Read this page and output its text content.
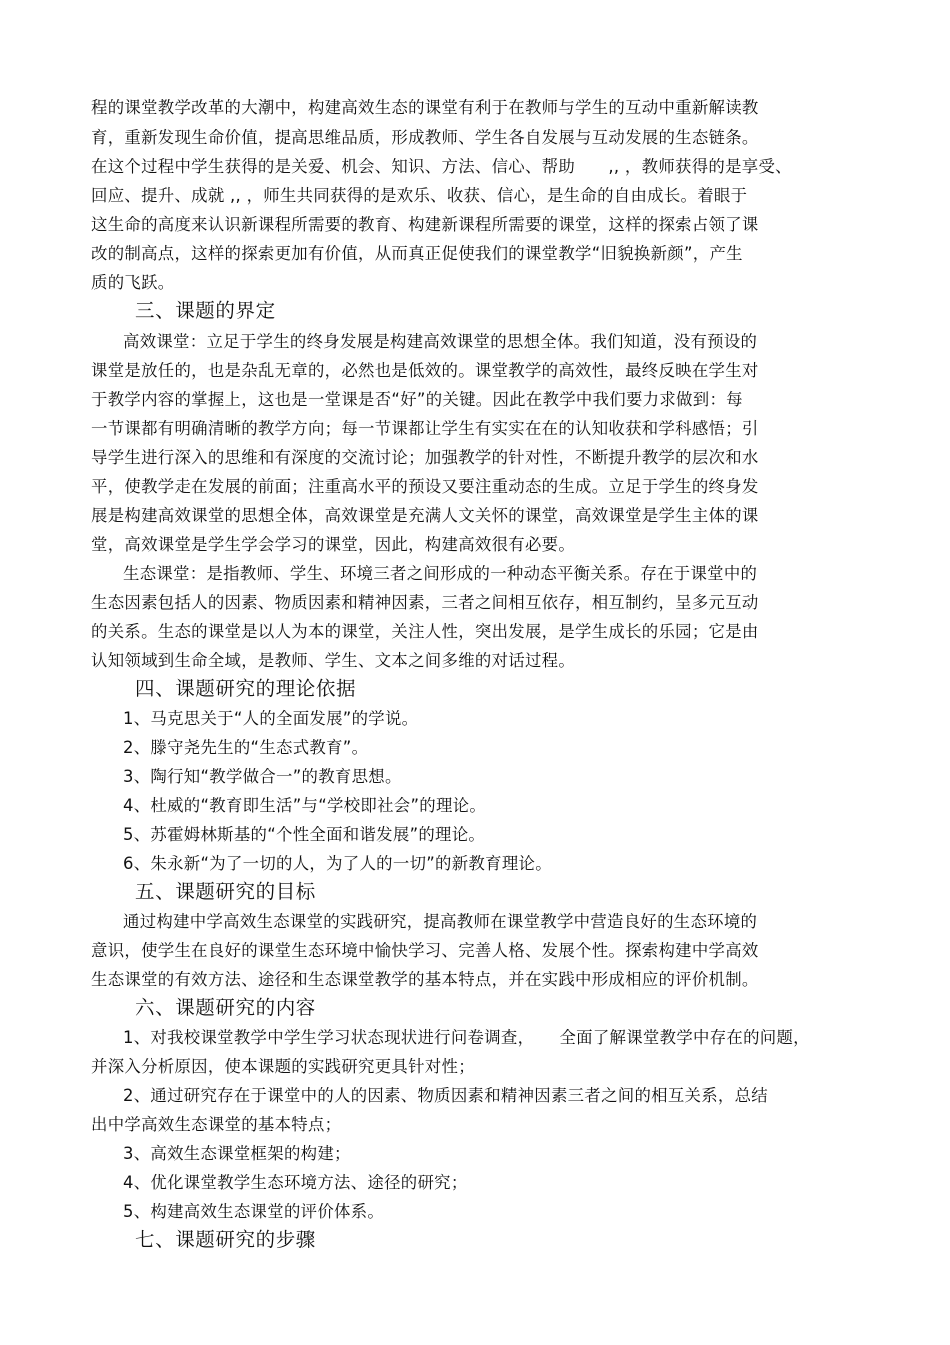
程的课堂教学改革的大潮中，构建高效生态的课堂有利于在教师与学生的互动中重新解读教
育，重新发现生命价值，提高思维品质，形成教师、学生各自发展与互动发展的生态链条。
在这个过程中学生获得的是关爱、机会、知识、方法、信心、帮助　　,, ，教师获得的是享受、
回应、提升、成就 ,, ，师生共同获得的是欢乐、收获、信心，是生命的自由成长。着眼于
这生命的高度来认识新课程所需要的教育、构建新课程所需要的课堂，这样的探索占领了课
改的制高点，这样的探索更加有价值，从而真正促使我们的课堂教学“旧貌换新颜”，产生
质的飞跃。
三、课题的界定
高效课堂：立足于学生的终身发展是构建高效课堂的思想全体。我们知道，没有预设的
课堂是放任的，也是杂乱无章的，必然也是低效的。课堂教学的高效性，最终反映在学生对
于教学内容的掌握上，这也是一堂课是否“好”的关键。因此在教学中我们要力求做到：每
一节课都有明确清晰的教学方向；每一节课都让学生有实实在在的认知收获和学科感悟；引
导学生进行深入的思维和有深度的交流讨论；加强教学的针对性，不断提升教学的层次和水
平，使教学走在发展的前面；注重高水平的预设又要注重动态的生成。立足于学生的终身发
展是构建高效课堂的思想全体，高效课堂是充满人文关怀的课堂，高效课堂是学生主体的课
堂，高效课堂是学生学会学习的课堂，因此，构建高效很有必要。
生态课堂：是指教师、学生、环境三者之间形成的一种动态平衡关系。存在于课堂中的
生态因素包括人的因素、物质因素和精神因素，三者之间相互依存，相互制约，呈多元互动
的关系。生态的课堂是以人为本的课堂，关注人性，突出发展，是学生成长的乐园；它是由
认知领域到生命全域，是教师、学生、文本之间多维的对话过程。
四、课题研究的理论依据
1、马克思关于“人的全面发展”的学说。
2、滕守尧先生的“生态式教育”。
3、陶行知“教学做合一”的教育思想。
4、杜威的“教育即生活”与“学校即社会”的理论。
5、苏霍姆林斯基的“个性全面和谐发展”的理论。
6、朱永新“为了一切的人，为了人的一切”的新教育理论。
五、课题研究的目标
通过构建中学高效生态课堂的实践研究，提高教师在课堂教学中营造良好的生态环境的
意识，使学生在良好的课堂生态环境中愉快学习、完善人格、发展个性。探索构建中学高效
生态课堂的有效方法、途径和生态课堂教学的基本特点，并在实践中形成相应的评价机制。
六、课题研究的内容
1、对我校课堂教学中学生学习状态现状进行问卷调查，　　全面了解课堂教学中存在的问题，
并深入分析原因，使本课题的实践研究更具针对性；
2、通过研究存在于课堂中的人的因素、物质因素和精神因素三者之间的相互关系，总结
出中学高效生态课堂的基本特点；
3、高效生态课堂框架的构建；
4、优化课堂教学生态环境方法、途径的研究；
5、构建高效生态课堂的评价体系。
七、课题研究的步骤
